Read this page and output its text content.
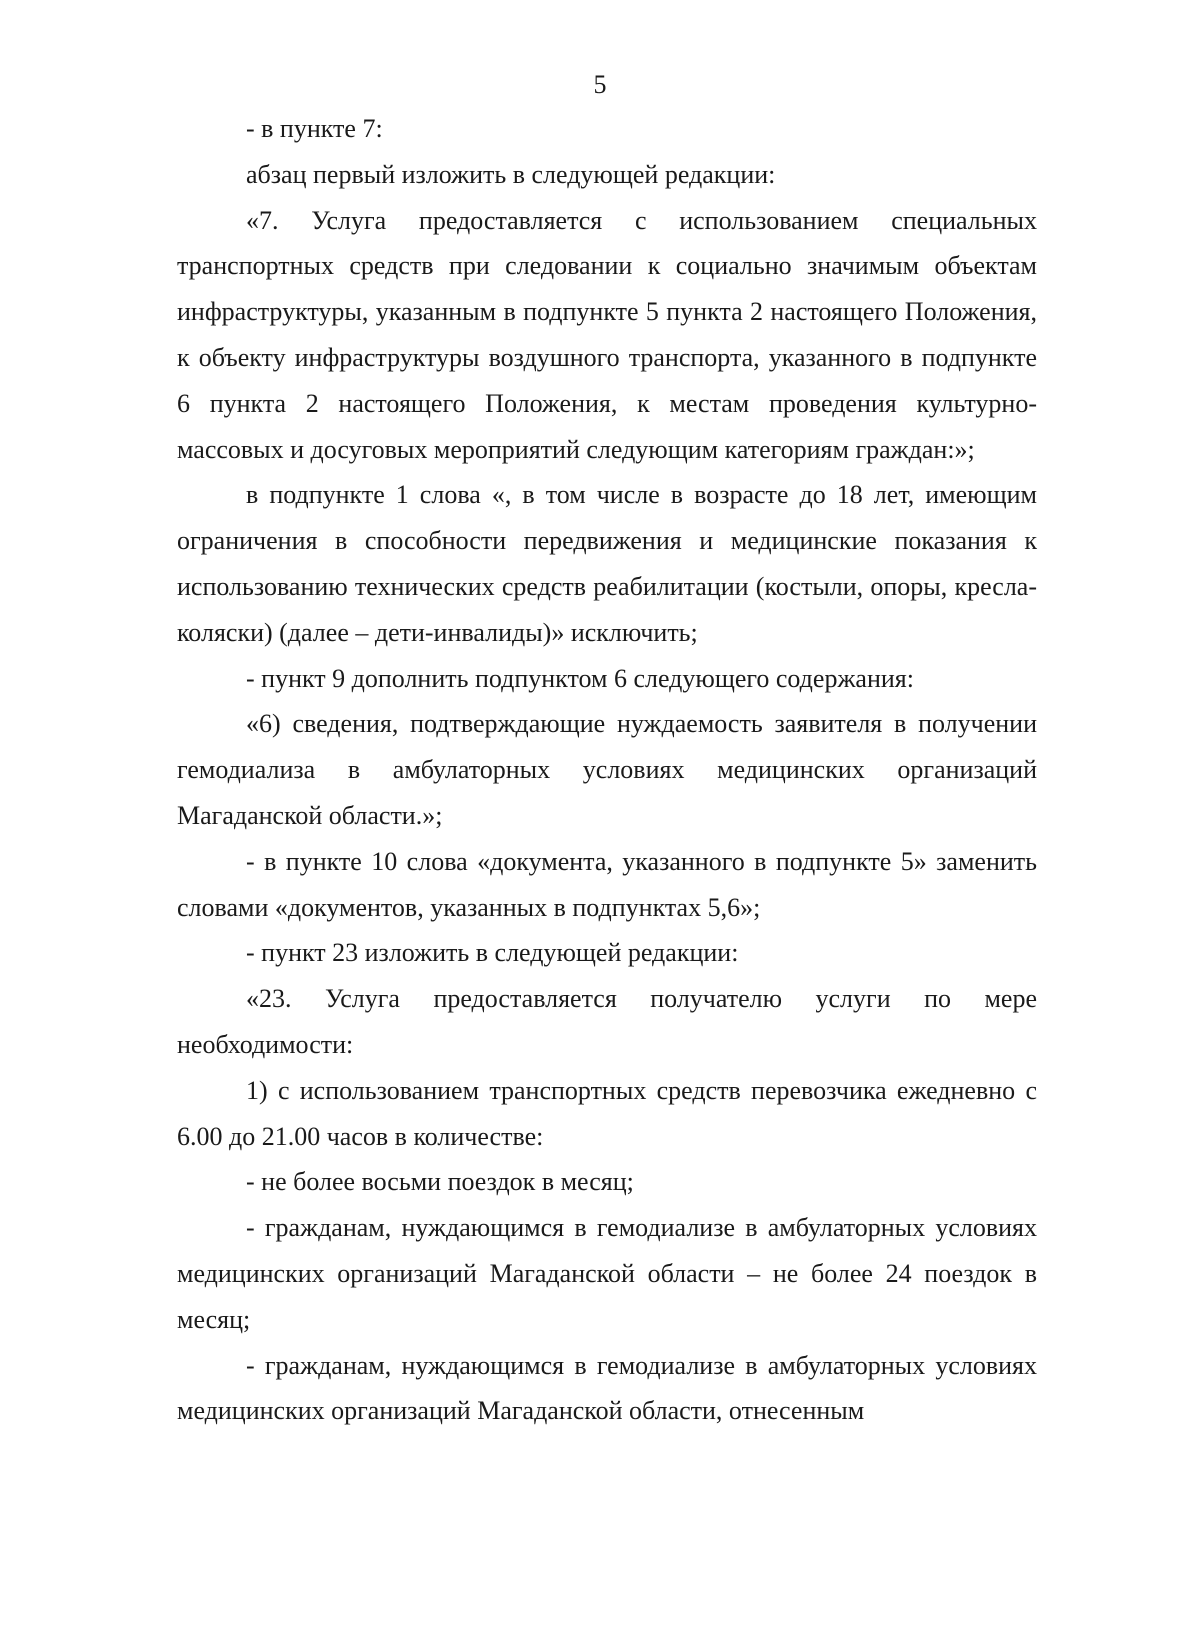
5

- в пункте 7:

абзац первый изложить в следующей редакции:

«7. Услуга предоставляется с использованием специальных транспортных средств при следовании к социально значимым объектам инфраструктуры, указанным в подпункте 5 пункта 2 настоящего Положения, к объекту инфраструктуры воздушного транспорта, указанного в подпункте 6 пункта 2 настоящего Положения, к местам проведения культурно-массовых и досуговых мероприятий следующим категориям граждан:»;

в подпункте 1 слова «, в том числе в возрасте до 18 лет, имеющим ограничения в способности передвижения и медицинские показания к использованию технических средств реабилитации (костыли, опоры, кресла-коляски) (далее – дети-инвалиды)» исключить;

- пункт 9 дополнить подпунктом 6 следующего содержания:

«6) сведения, подтверждающие нуждаемость заявителя в получении гемодиализа в амбулаторных условиях медицинских организаций Магаданской области.»;

- в пункте 10 слова «документа, указанного в подпункте 5» заменить словами «документов, указанных в подпунктах 5,6»;

- пункт 23 изложить в следующей редакции:

«23. Услуга предоставляется получателю услуги по мере необходимости:

1) с использованием транспортных средств перевозчика ежедневно с 6.00 до 21.00 часов в количестве:

- не более восьми поездок в месяц;

- гражданам, нуждающимся в гемодиализе в амбулаторных условиях медицинских организаций Магаданской области – не более 24 поездок в месяц;

- гражданам, нуждающимся в гемодиализе в амбулаторных условиях медицинских организаций Магаданской области, отнесенным
